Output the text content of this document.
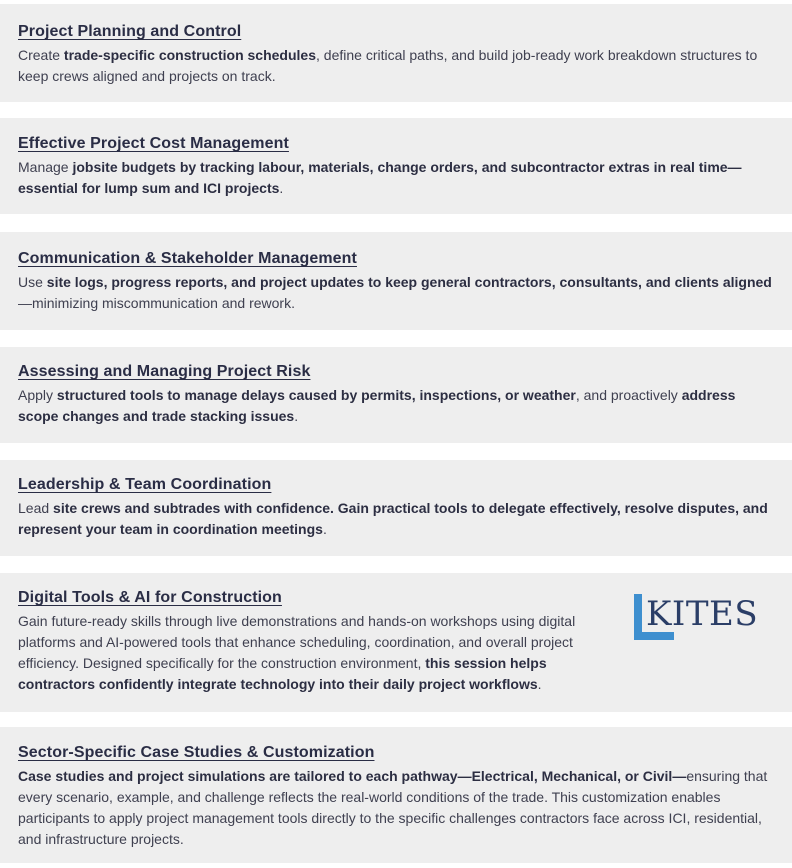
Project Planning and Control

Create trade-specific construction schedules, define critical paths, and build job-ready work breakdown structures to keep crews aligned and projects on track.

Effective Project Cost Management

Manage jobsite budgets by tracking labour, materials, change orders, and subcontractor extras in real time—essential for lump sum and ICI projects.

Communication & Stakeholder Management

Use site logs, progress reports, and project updates to keep general contractors, consultants, and clients aligned—minimizing miscommunication and rework.

Assessing and Managing Project Risk

Apply structured tools to manage delays caused by permits, inspections, or weather, and proactively address scope changes and trade stacking issues.

Leadership & Team Coordination

Lead site crews and subtrades with confidence. Gain practical tools to delegate effectively, resolve disputes, and represent your team in coordination meetings.

Digital Tools & AI for Construction

Gain future-ready skills through live demonstrations and hands-on workshops using digital platforms and AI-powered tools that enhance scheduling, coordination, and overall project efficiency. Designed specifically for the construction environment, this session helps contractors confidently integrate technology into their daily project workflows.

KITES
Sector-Specific Case Studies & Customization

Case studies and project simulations are tailored to each pathway—Electrical, Mechanical, or Civil—ensuring that every scenario, example, and challenge reflects the real-world conditions of the trade. This customization enables participants to apply project management tools directly to the specific challenges contractors face across ICI, residential, and infrastructure projects.
